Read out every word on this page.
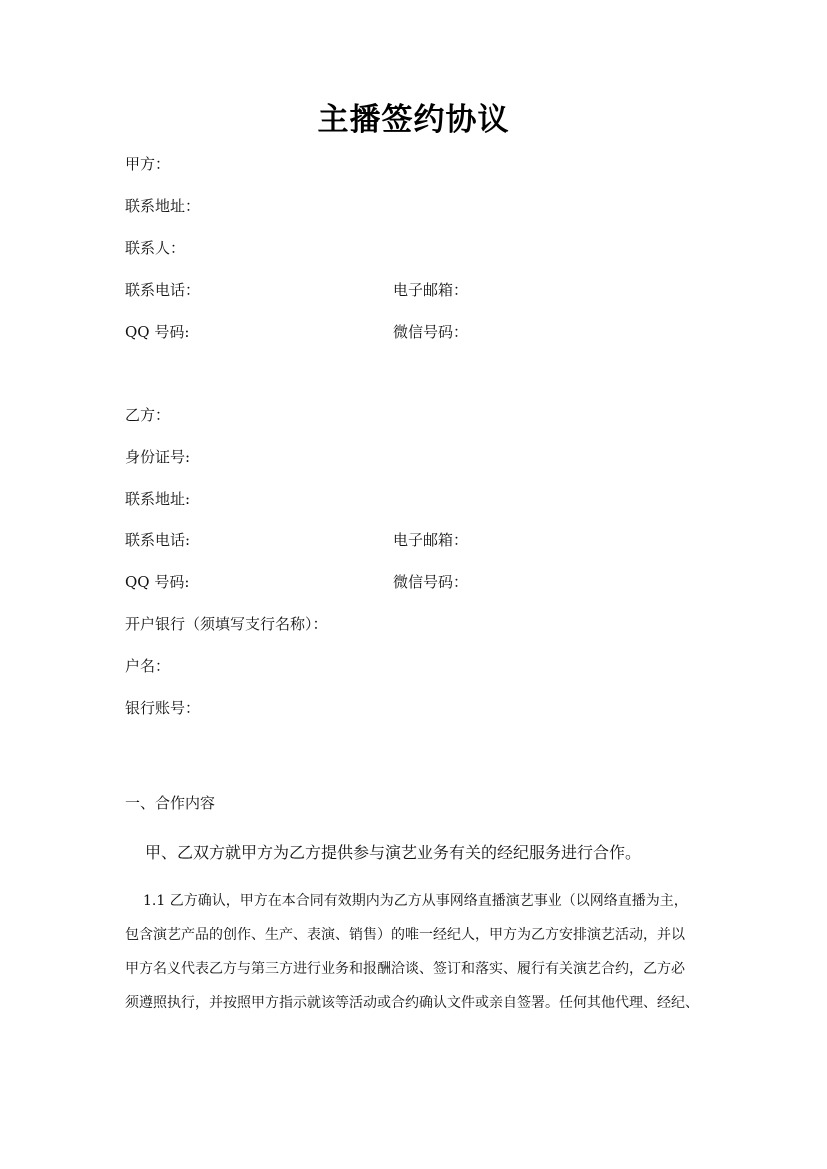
主播签约协议
甲方：
联系地址：
联系人：
联系电话：	电子邮箱：
QQ 号码:	微信号码：
乙方：
身份证号:
联系地址:
联系电话:	电子邮箱：
QQ 号码:	微信号码：
开户银行（须填写支行名称）：
户名：
银行账号：
一、合作内容
甲、乙双方就甲方为乙方提供参与演艺业务有关的经纪服务进行合作。
1.1 乙方确认，甲方在本合同有效期内为乙方从事网络直播演艺事业（以网络直播为主，
包含演艺产品的创作、生产、表演、销售）的唯一经纪人，甲方为乙方安排演艺活动，并以
甲方名义代表乙方与第三方进行业务和报酬洽谈、签订和落实、履行有关演艺合约，乙方必
须遵照执行，并按照甲方指示就该等活动或合约确认文件或亲自签署。任何其他代理、经纪、
